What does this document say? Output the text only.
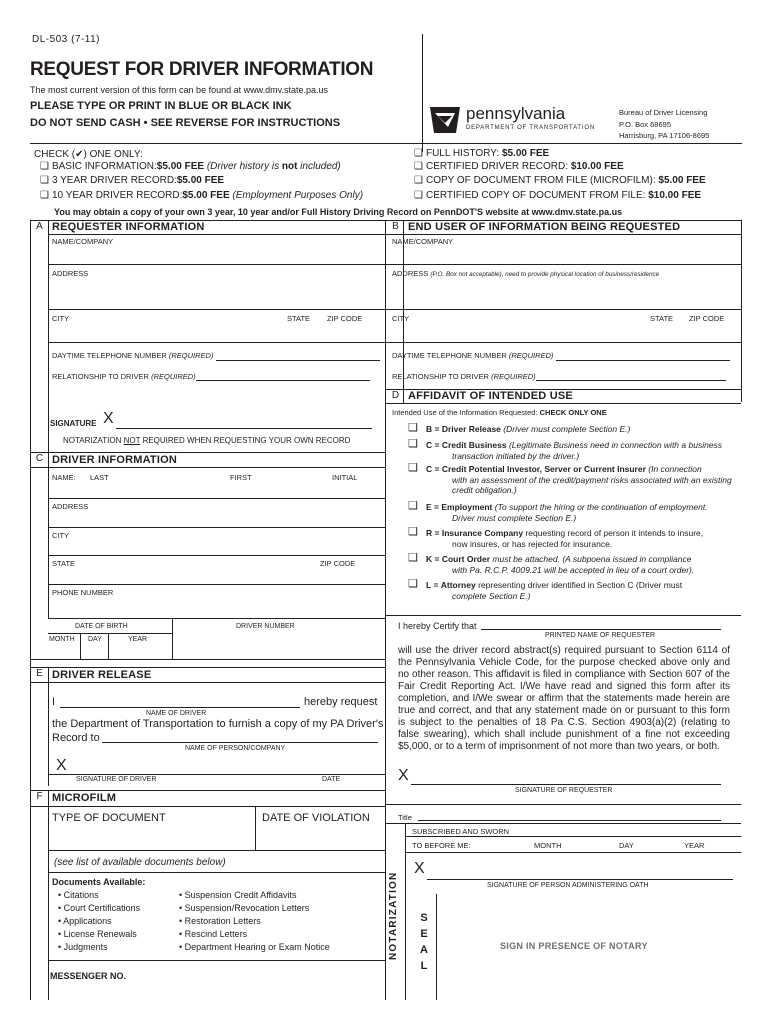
DL-503 (7-11)
REQUEST FOR DRIVER INFORMATION
The most current version of this form can be found at www.dmv.state.pa.us
PLEASE TYPE OR PRINT IN BLUE OR BLACK INK
DO NOT SEND CASH • SEE REVERSE FOR INSTRUCTIONS	pennsylvania
DEPARTMENT OF TRANSPORTATION
Bureau of Driver Licensing
P.O. Box 68695
Harrisburg, PA 17106-8695
CHECK (✔) ONE ONLY:
❑ BASIC INFORMATION:$5.00 FEE (Driver history is not included)
❑ 3 YEAR DRIVER RECORD:$5.00 FEE
❑ 10 YEAR DRIVER RECORD:$5.00 FEE (Employment Purposes Only)
❑ FULL HISTORY: $5.00 FEE
❑ CERTIFIED DRIVER RECORD: $10.00 FEE
❑ COPY OF DOCUMENT FROM FILE (MICROFILM): $5.00 FEE
❑ CERTIFIED COPY OF DOCUMENT FROM FILE: $10.00 FEE
You may obtain a copy of your own 3 year, 10 year and/or Full History Driving Record on PennDOT'S website at www.dmv.state.pa.us
A REQUESTER INFORMATION
NAME/COMPANY
ADDRESS
CITY	STATE ZIP CODE
DAYTIME TELEPHONE NUMBER (REQUIRED)
RELATIONSHIP TO DRIVER (REQUIRED)
SIGNATURE X
NOTARIZATION NOT REQUIRED WHEN REQUESTING YOUR OWN RECORD
B END USER OF INFORMATION BEING REQUESTED
NAME/COMPANY
ADDRESS (P.O. Box not acceptable), need to provide physical location of business/residence
CITY	STATE ZIP CODE
DAYTIME TELEPHONE NUMBER (REQUIRED)
RELATIONSHIP TO DRIVER (REQUIRED)
D AFFIDAVIT OF INTENDED USE
Intended Use of the Information Requested: CHECK ONLY ONE
❑ B = Driver Release (Driver must complete Section E.)
❑ C = Credit Business (Legitimate Business need in connection with a business
transaction initiated by the driver.)
❑ C = Credit Potential Investor, Server or Current Insurer (In connection
with an assessment of the credit/payment risks associated with an existing
credit obligation.)
❑ E = Employment (To support the hiring or the continuation of employment.
Driver must complete Section E.)
❑ R = Insurance Company requesting record of person it intends to insure,
now insures, or has rejected for insurance.
❑ K = Court Order must be attached. (A subpoena issued in compliance
with Pa. R.C.P. 4009.21 will be accepted in lieu of a court order).
❑ L = Attorney representing driver identified in Section C (Driver must
complete Section E.)
I hereby Certify that
PRINTED NAME OF REQUESTER
will use the driver record abstract(s) required pursuant to Section 6114 of the Pennsylvania Vehicle Code, for the purpose checked above only and no other reason. This affidavit is filed in compliance with Section 607 of the Fair Credit Reporting Act. I/We have read and signed this form after its completion, and I/We swear or affirm that the statements made herein are true and correct, and that any statement made on or pursuant to this form is subject to the penalties of 18 Pa C.S. Section 4903(a)(2) (relating to false swearing), which shall include punishment of a fine not exceeding $5,000, or to a term of imprisonment of not more than two years, or both.
X
SIGNATURE OF REQUESTER
Title
NOTARIZATION
SUBSCRIBED AND SWORN
TO BEFORE ME:	MONTH	DAY	YEAR
X
SIGNATURE OF PERSON ADMINISTERING OATH
S
E
A
L
SIGN IN PRESENCE OF NOTARY
C DRIVER INFORMATION
NAME: LAST	FIRST	INITIAL
ADDRESS
CITY
STATE	ZIP CODE
PHONE NUMBER
DATE OF BIRTH	DRIVER NUMBER
MONTH DAY	YEAR
E DRIVER RELEASE
I	hereby request
NAME OF DRIVER
the Department of Transportation to furnish a copy of my PA Driver's
Record to
NAME OF PERSON/COMPANY
X
SIGNATURE OF DRIVER	DATE
F MICROFILM
TYPE OF DOCUMENT	DATE OF VIOLATION
(see list of available documents below)
Documents Available:
• Citations
• Court Certifications
• Applications
• License Renewals
• Judgments
• Suspension Credit Affidavits
• Suspension/Revocation Letters
• Restoration Letters
• Rescind Letters
• Department Hearing or Exam Notice
MESSENGER NO.
